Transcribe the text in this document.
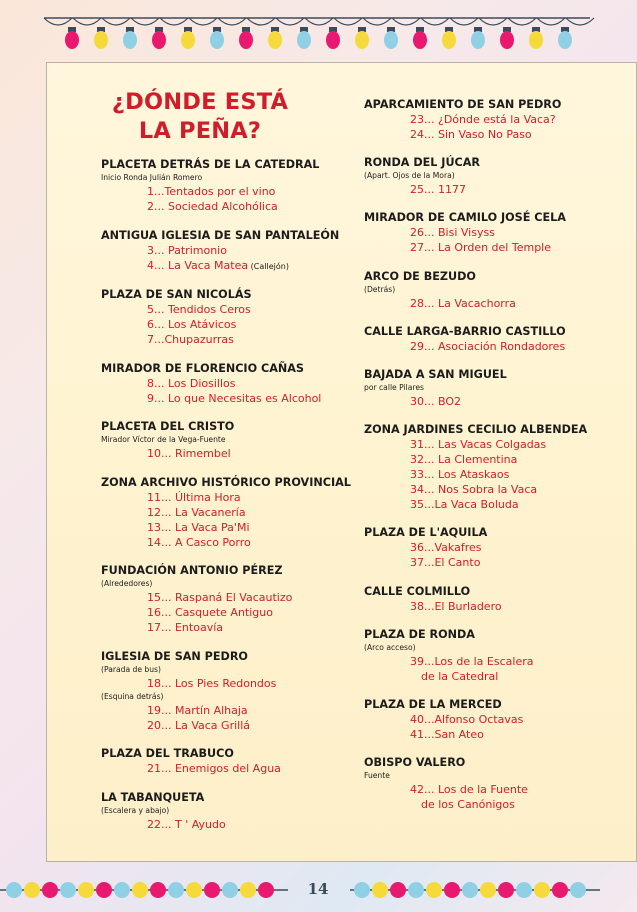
¿DÓNDE ESTÁ
LA PEÑA?
PLACETA DETRÁS DE LA CATEDRAL
Inicio Ronda Julián Romero
1...Tentados por el vino
2... Sociedad Alcohólica
ANTIGUA IGLESIA DE SAN PANTALEÓN
3... Patrimonio
4... La Vaca Matea (Callejón)
PLAZA DE SAN NICOLÁS
5... Tendidos Ceros
6... Los Atávicos
7...Chupazurras
MIRADOR DE FLORENCIO CAÑAS
8... Los Diosillos
9... Lo que Necesitas es Alcohol
PLACETA DEL CRISTO
Mirador Víctor de la Vega-Fuente
10... Rimembel
ZONA ARCHIVO HISTÓRICO PROVINCIAL
11... Última Hora
12... La Vacanería
13... La Vaca Pa'Mi
14... A Casco Porro
FUNDACIÓN ANTONIO PÉREZ
(Alrededores)
15... Raspaná El Vacautizo
16... Casquete Antiguo
17... Entoavía
IGLESIA DE SAN PEDRO
(Parada de bus)
18... Los Pies Redondos
(Esquina detrás)
19... Martín Alhaja
20... La Vaca Grillá
PLAZA DEL TRABUCO
21... Enemigos del Agua
LA TABANQUETA
(Escalera y abajo)
22... T ' Ayudo
APARCAMIENTO DE SAN PEDRO
23... ¿Dónde está la Vaca?
24... Sin Vaso No Paso
RONDA DEL JÚCAR
(Apart. Ojos de la Mora)
25... 1177
MIRADOR DE CAMILO JOSÉ CELA
26... Bisi Visyss
27... La Orden del Temple
ARCO DE BEZUDO
(Detrás)
28... La Vacachorra
CALLE LARGA-BARRIO CASTILLO
29... Asociación Rondadores
BAJADA A SAN MIGUEL
por calle Pilares
30... BO2
ZONA JARDINES CECILIO ALBENDEA
31... Las Vacas Colgadas
32... La Clementina
33... Los Ataskaos
34... Nos Sobra la Vaca
35...La Vaca Boluda
PLAZA DE L'AQUILA
36...Vakafres
37...El Canto
CALLE COLMILLO
38...El Burladero
PLAZA DE RONDA
(Arco acceso)
39...Los de la Escalera
de la Catedral
PLAZA DE LA MERCED
40...Alfonso Octavas
41...San Ateo
OBISPO VALERO
Fuente
42... Los de la Fuente
de los Canónigos
14
